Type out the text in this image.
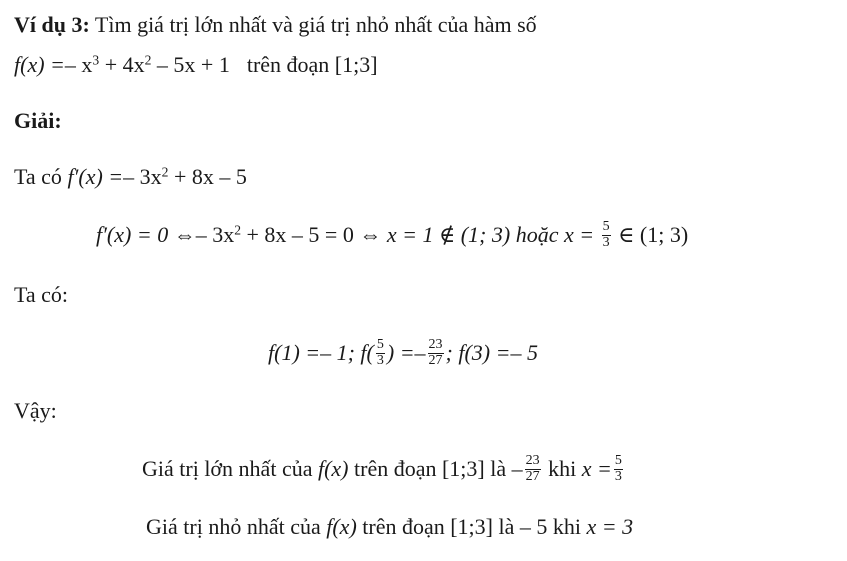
Ví dụ 3: Tìm giá trị lớn nhất và giá trị nhỏ nhất của hàm số
$f(x) =- x^3 + 4x^2 - 5x + 1$ trên đoạn [1;3]
Giải:
Ta có $f'(x) =- 3x^2 + 8x - 5$
f′(x) = 0 ⇔– $3x^2 + 8x - 5 = 0$ ⇔ x = 1 ∉ (1; 3) hoặc $x = \frac{5}{3}$ ∈ (1; 3)
Ta có:
f(1) =– 1; $f( \frac{5}{3}$ ) =– $\frac{23}{27}$ ; f(3) =– 5
Vậy:
Giá trị lớn nhất của f(x) trên đoạn [1;3] là – $\frac{23}{27}$ khi $x = \frac{5}{3}$
Giá trị nhỏ nhất của f(x) trên đoạn [1;3] là – 5 khi x = 3
